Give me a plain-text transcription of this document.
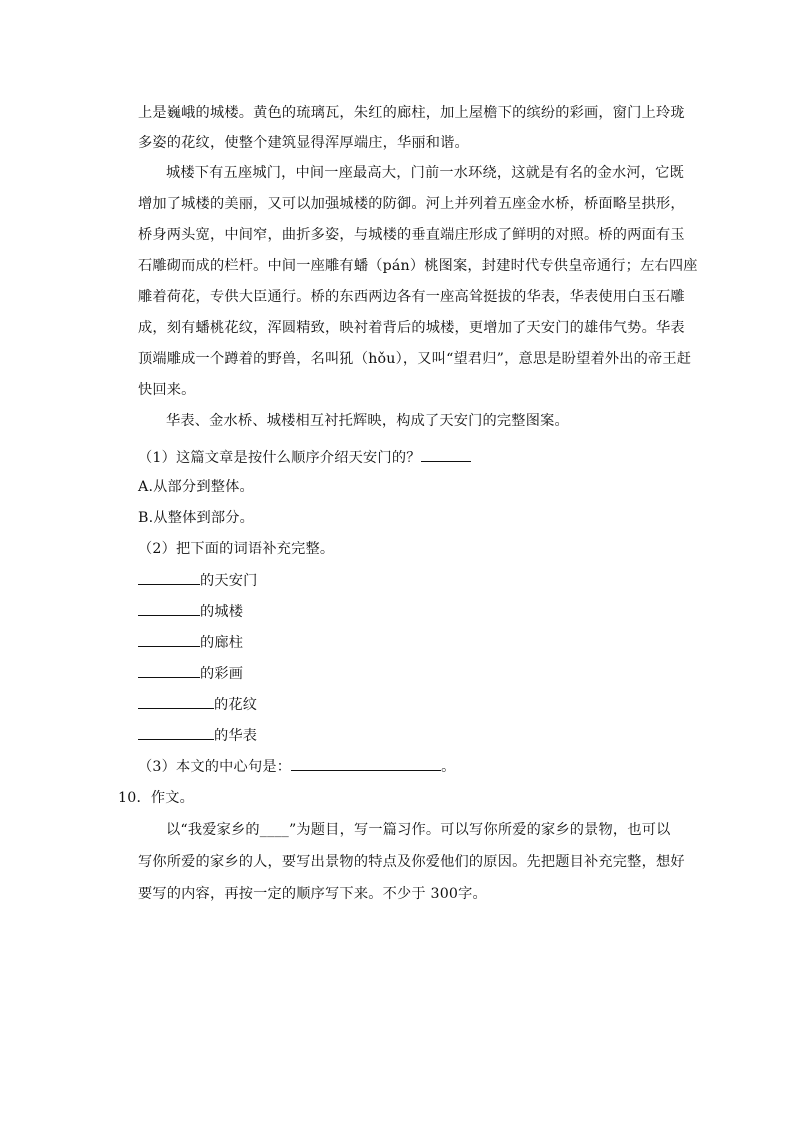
上是巍峨的城楼。黄色的琉璃瓦，朱红的廊柱，加上屋檐下的缤纷的彩画，窗门上玲珑
多姿的花纹，使整个建筑显得浑厚端庄，华丽和谐。
城楼下有五座城门，中间一座最高大，门前一水环绕，这就是有名的金水河，它既
增加了城楼的美丽，又可以加强城楼的防御。河上并列着五座金水桥，桥面略呈拱形，
桥身两头宽，中间窄，曲折多姿，与城楼的垂直端庄形成了鲜明的对照。桥的两面有玉
石雕砌而成的栏杆。中间一座雕有蟠（pán）桃图案，封建时代专供皇帝通行；左右四座
雕着荷花，专供大臣通行。桥的东西两边各有一座高耸挺拔的华表，华表使用白玉石雕
成，刻有蟠桃花纹，浑圆精致，映衬着背后的城楼，更增加了天安门的雄伟气势。华表
顶端雕成一个蹲着的野兽，名叫犼（hǒu），又叫“望君归”，意思是盼望着外出的帝王赶
快回来。
华表、金水桥、城楼相互衬托辉映，构成了天安门的完整图案。
（1）这篇文章是按什么顺序介绍天安门的？
A.从部分到整体。
B.从整体到部分。
（2）把下面的词语补充完整。
的天安门
的城楼
的廊柱
的彩画
的花纹
的华表
（3）本文的中心句是：	。
10．作文。
以“我爱家乡的____”为题目，写一篇习作。可以写你所爱的家乡的景物，也可以
写你所爱的家乡的人，要写出景物的特点及你爱他们的原因。先把题目补充完整，想好
要写的内容，再按一定的顺序写下来。不少于 300字。
